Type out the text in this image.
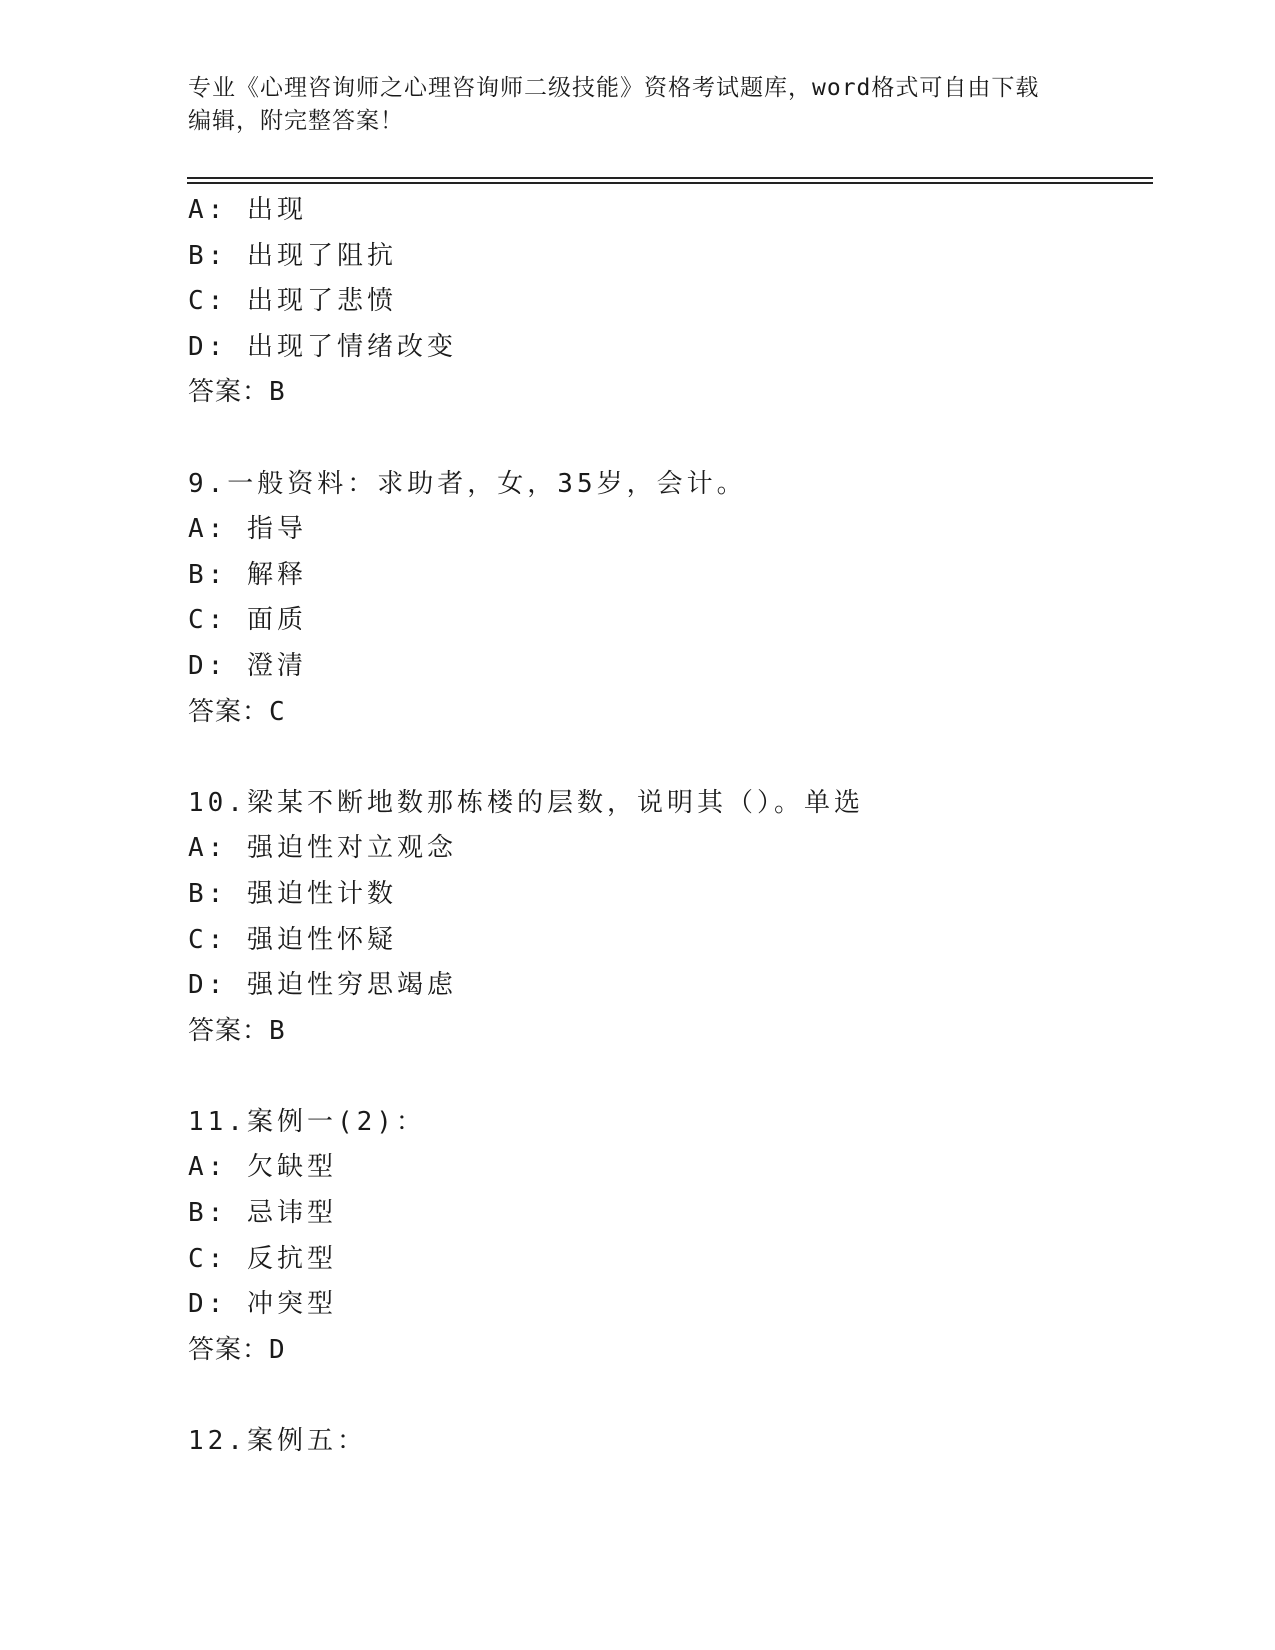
专业《心理咨询师之心理咨询师二级技能》资格考试题库，word格式可自由下载
编辑，附完整答案！
A: 出现
B: 出现了阻抗
C: 出现了悲愤
D: 出现了情绪改变
答案：B
9.一般资料：求助者，女，35岁，会计。
A: 指导
B: 解释
C: 面质
D: 澄清
答案：C
10.梁某不断地数那栋楼的层数，说明其（）。单选
A: 强迫性对立观念
B: 强迫性计数
C: 强迫性怀疑
D: 强迫性穷思竭虑
答案：B
11.案例一(2)：
A: 欠缺型
B: 忌讳型
C: 反抗型
D: 冲突型
答案：D
12.案例五：
